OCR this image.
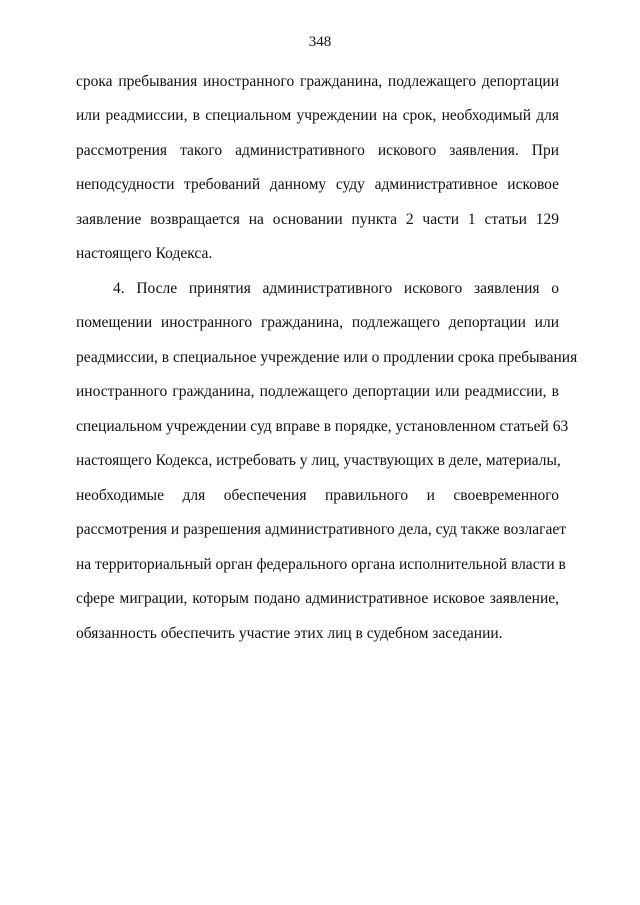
348
срока пребывания иностранного гражданина, подлежащего депортации
или реадмиссии, в специальном учреждении на срок, необходимый для
рассмотрения такого административного искового заявления. При
неподсудности требований данному суду административное исковое
заявление возвращается на основании пункта 2 части 1 статьи 129
настоящего Кодекса.
4. После принятия административного искового заявления о
помещении иностранного гражданина, подлежащего депортации или
реадмиссии, в специальное учреждение или о продлении срока пребывания
иностранного гражданина, подлежащего депортации или реадмиссии, в
специальном учреждении суд вправе в порядке, установленном статьей 63
настоящего Кодекса, истребовать у лиц, участвующих в деле, материалы,
необходимые для обеспечения правильного и своевременного
рассмотрения и разрешения административного дела, суд также возлагает
на территориальный орган федерального органа исполнительной власти в
сфере миграции, которым подано административное исковое заявление,
обязанность обеспечить участие этих лиц в судебном заседании.
